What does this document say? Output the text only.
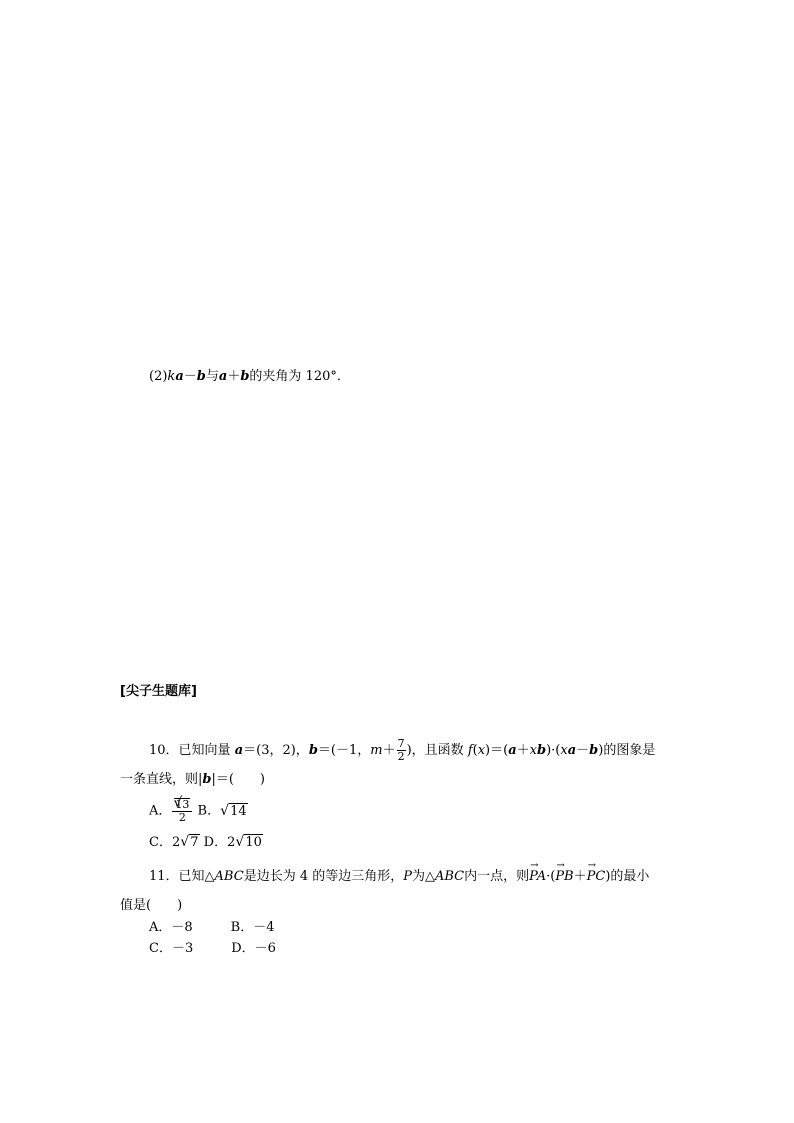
(2)ka－b与a＋b的夹角为 120°．
[尖子生题库]
10．已知向量 a＝(3，2)，b＝(－1，$m+ \frac{7}{2}$ )，且函数 f(x)＝(a＋xb)·(xa－b)的图象是
一条直线，则|b|＝(　　)
A． √ $\frac{13}{2}$ B． √ 14
C．2 √ 7 D．2 √ 10
11．已知△ABC是边长为 4 的等边三角形，P为△ABC内一点，则→ PA·(→ PB＋→ PC)的最小
值是(　　)
A．－8	B．－4
C．－3	D．－6
